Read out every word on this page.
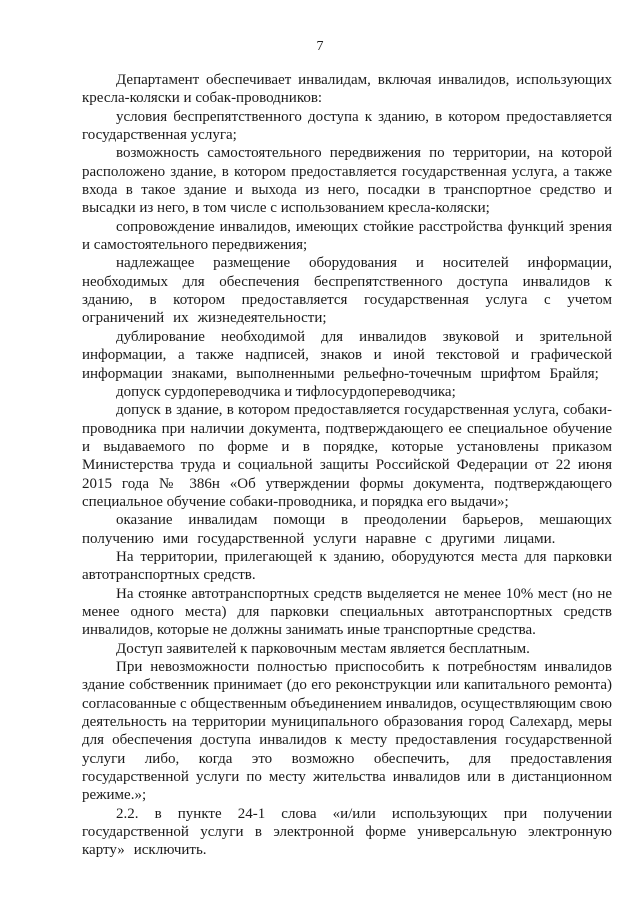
7

Департамент обеспечивает инвалидам, включая инвалидов, использующих кресла-коляски и собак-проводников:

условия беспрепятственного доступа к зданию, в котором предоставляется государственная услуга;

возможность самостоятельного передвижения по территории, на которой расположено здание, в котором предоставляется государственная услуга, а также входа в такое здание и выхода из него, посадки в транспортное средство и высадки из него, в том числе с использованием кресла-коляски;

сопровождение инвалидов, имеющих стойкие расстройства функций зрения и самостоятельного передвижения;

надлежащее размещение оборудования и носителей информации, необходимых для обеспечения беспрепятственного доступа инвалидов к зданию, в котором предоставляется государственная услуга с учетом ограничений их жизнедеятельности;

дублирование необходимой для инвалидов звуковой и зрительной информации, а также надписей, знаков и иной текстовой и графической информации знаками, выполненными рельефно-точечным шрифтом Брайля;

допуск сурдопереводчика и тифлосурдопереводчика;

допуск в здание, в котором предоставляется государственная услуга, собаки-проводника при наличии документа, подтверждающего ее специальное обучение и выдаваемого по форме и в порядке, которые установлены приказом Министерства труда и социальной защиты Российской Федерации от 22 июня 2015 года № 386н «Об утверждении формы документа, подтверждающего специальное обучение собаки-проводника, и порядка его выдачи»;

оказание инвалидам помощи в преодолении барьеров, мешающих получению ими государственной услуги наравне с другими лицами.

На территории, прилегающей к зданию, оборудуются места для парковки автотранспортных средств.

На стоянке автотранспортных средств выделяется не менее 10% мест (но не менее одного места) для парковки специальных автотранспортных средств инвалидов, которые не должны занимать иные транспортные средства.

Доступ заявителей к парковочным местам является бесплатным.

При невозможности полностью приспособить к потребностям инвалидов здание собственник принимает (до его реконструкции или капитального ремонта) согласованные с общественным объединением инвалидов, осуществляющим свою деятельность на территории муниципального образования город Салехард, меры для обеспечения доступа инвалидов к месту предоставления государственной услуги либо, когда это возможно обеспечить, для предоставления государственной услуги по месту жительства инвалидов или в дистанционном режиме.»;

2.2. в пункте 24-1 слова «и/или использующих при получении государственной услуги в электронной форме универсальную электронную карту» исключить.
